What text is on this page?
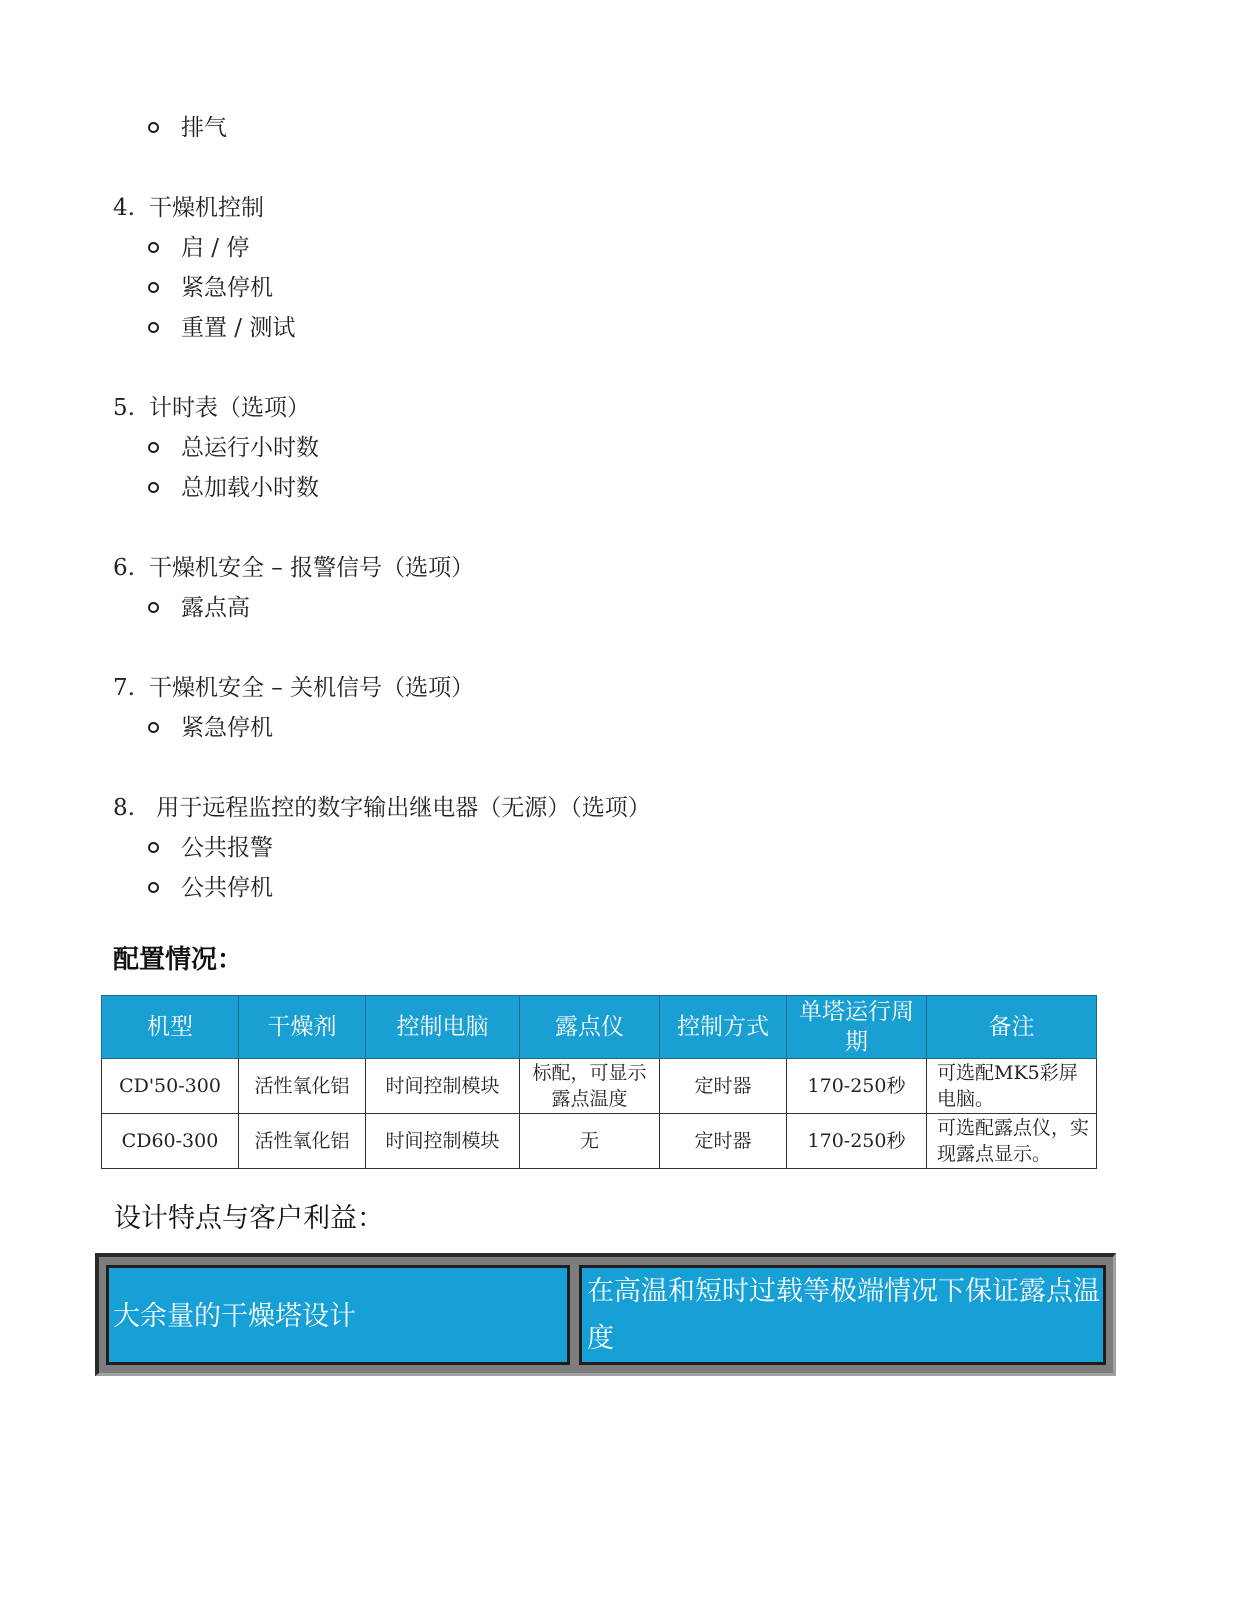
排气
4. 干燥机控制
启 / 停
紧急停机
重置 / 测试
5. 计时表（选项）
总运行小时数
总加载小时数
6. 干燥机安全 – 报警信号（选项）
露点高
7. 干燥机安全 – 关机信号（选项）
紧急停机
8. 用于远程监控的数字输出继电器（无源）（选项）
公共报警
公共停机
配置情况：
机型	干燥剂	控制电脑	露点仪	控制方式	单塔运行周期	备注
CD'50-300	活性氧化铝	时间控制模块	标配，可显示露点温度	定时器	170-250秒	可选配MK5彩屏电脑。
CD60-300	活性氧化铝	时间控制模块	无	定时器	170-250秒	可选配露点仪，实现露点显示。
设计特点与客户利益：
大余量的干燥塔设计
在高温和短时过载等极端情况下保证露点温度
